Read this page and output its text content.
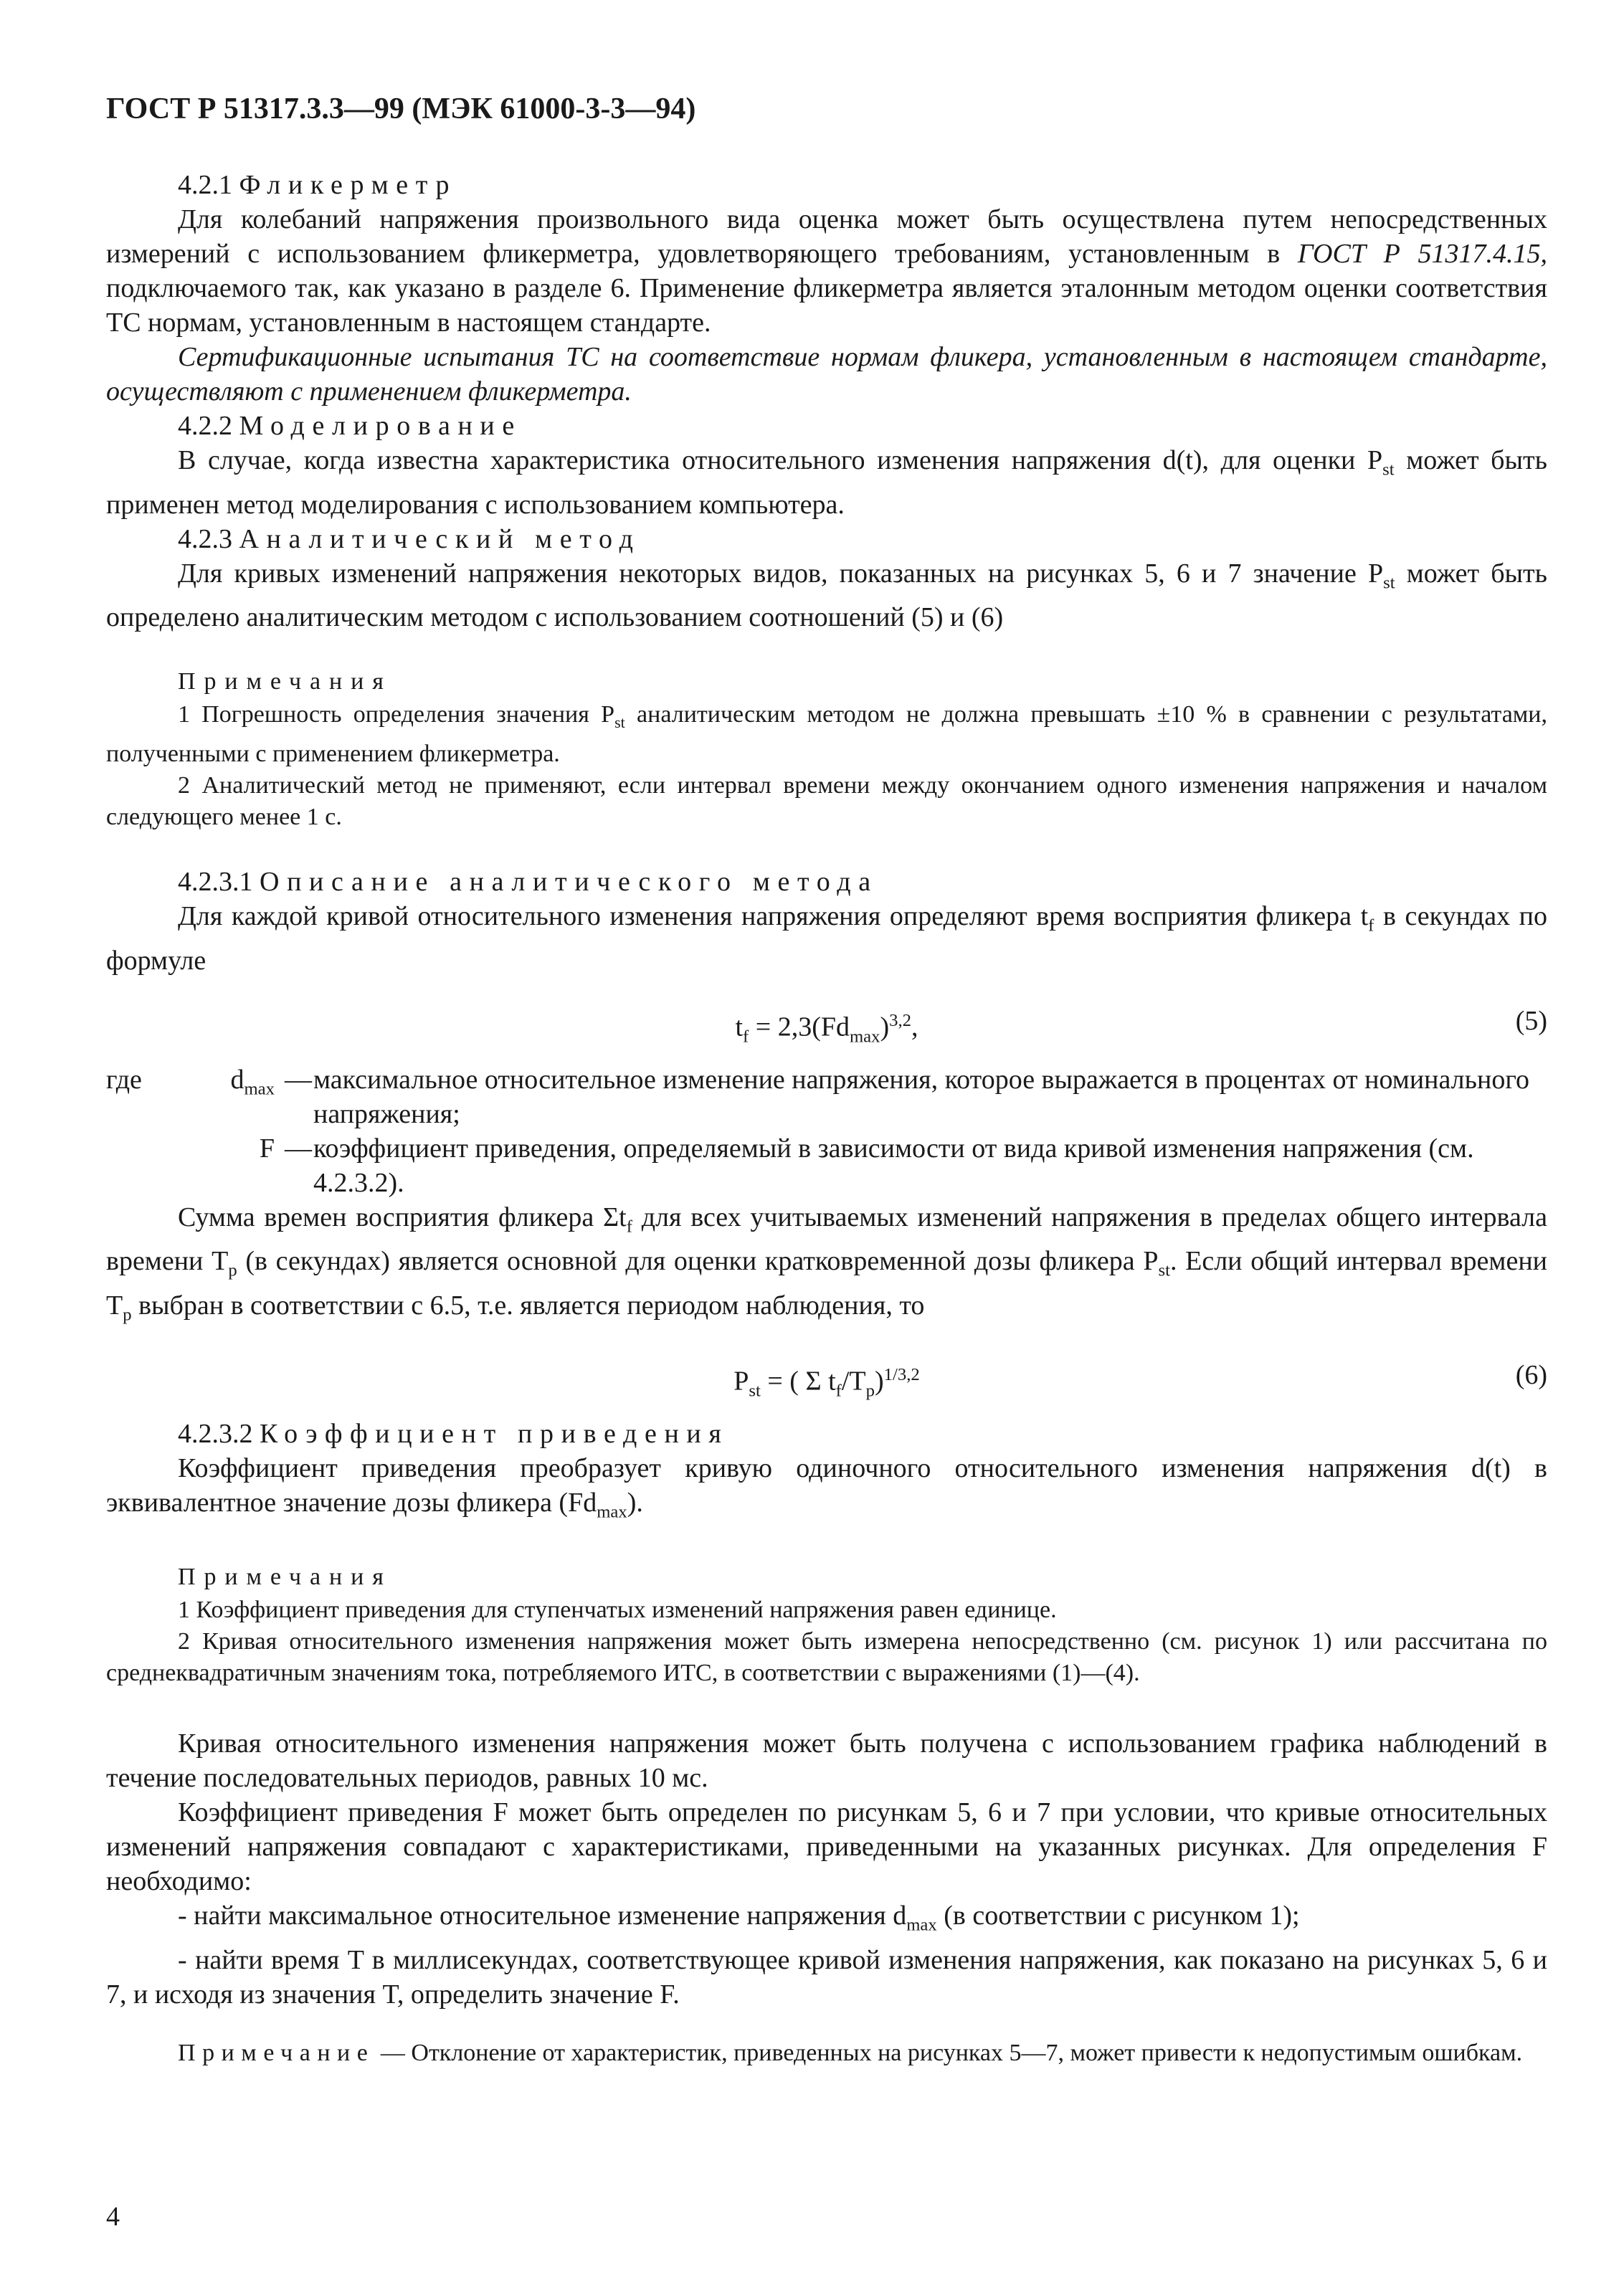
ГОСТ Р 51317.3.3—99 (МЭК 61000-3-3—94)

4.2.1 Фликерметр

Для колебаний напряжения произвольного вида оценка может быть осуществлена путем непосредственных измерений с использованием фликерметра, удовлетворяющего требованиям, установленным в ГОСТ Р 51317.4.15, подключаемого так, как указано в разделе 6. Применение фликерметра является эталонным методом оценки соответствия ТС нормам, установленным в настоящем стандарте.

Сертификационные испытания ТС на соответствие нормам фликера, установленным в настоящем стандарте, осуществляют с применением фликерметра.

4.2.2 Моделирование

В случае, когда известна характеристика относительного изменения напряжения d(t), для оценки $P_{st}$ может быть применен метод моделирования с использованием компьютера.

4.2.3 Аналитический метод

Для кривых изменений напряжения некоторых видов, показанных на рисунках 5, 6 и 7 значение $P_{st}$ может быть определено аналитическим методом с использованием соотношений (5) и (6)

Примечания

1 Погрешность определения значения $P_{st}$ аналитическим методом не должна превышать ±10 % в сравнении с результатами, полученными с применением фликерметра.

2 Аналитический метод не применяют, если интервал времени между окончанием одного изменения напряжения и началом следующего менее 1 с.

4.2.3.1 Описание аналитического метода

Для каждой кривой относительного изменения напряжения определяют время восприятия фликера $t_f$ в секундах по формуле

$t_f = 2,3(Fd_{max})^{3,2}$,	(5)
где	$d_{max}$	—	максимальное относительное изменение напряжения, которое выражается в процентах от номинального напряжения;
	F	—	коэффициент приведения, определяемый в зависимости от вида кривой изменения напряжения (см. 4.2.3.2).

Сумма времен восприятия фликера $\Sigma t_f$ для всех учитываемых изменений напряжения в пределах общего интервала времени $T_p$ (в секундах) является основной для оценки кратковременной дозы фликера $P_{st}$. Если общий интервал времени $T_p$ выбран в соответствии с 6.5, т.е. является периодом наблюдения, то

$P_{st}$ = ( Σ $t_f/T_p)^{1/3,2}$	(6)

4.2.3.2 Коэффициент приведения

Коэффициент приведения преобразует кривую одиночного относительного изменения напряжения d(t) в эквивалентное значение дозы фликера $(Fd_{max})$.

Примечания

1 Коэффициент приведения для ступенчатых изменений напряжения равен единице.

2 Кривая относительного изменения напряжения может быть измерена непосредственно (см. рисунок 1) или рассчитана по среднеквадратичным значениям тока, потребляемого ИТС, в соответствии с выражениями (1)—(4).

Кривая относительного изменения напряжения может быть получена с использованием графика наблюдений в течение последовательных периодов, равных 10 мс.

Коэффициент приведения F может быть определен по рисункам 5, 6 и 7 при условии, что кривые относительных изменений напряжения совпадают с характеристиками, приведенными на указанных рисунках. Для определения F необходимо:

- найти максимальное относительное изменение напряжения $d_{max}$ (в соответствии с рисунком 1);

- найти время T в миллисекундах, соответствующее кривой изменения напряжения, как показано на рисунках 5, 6 и 7, и исходя из значения T, определить значение F.

Примечание — Отклонение от характеристик, приведенных на рисунках 5—7, может привести к недопустимым ошибкам.

4
